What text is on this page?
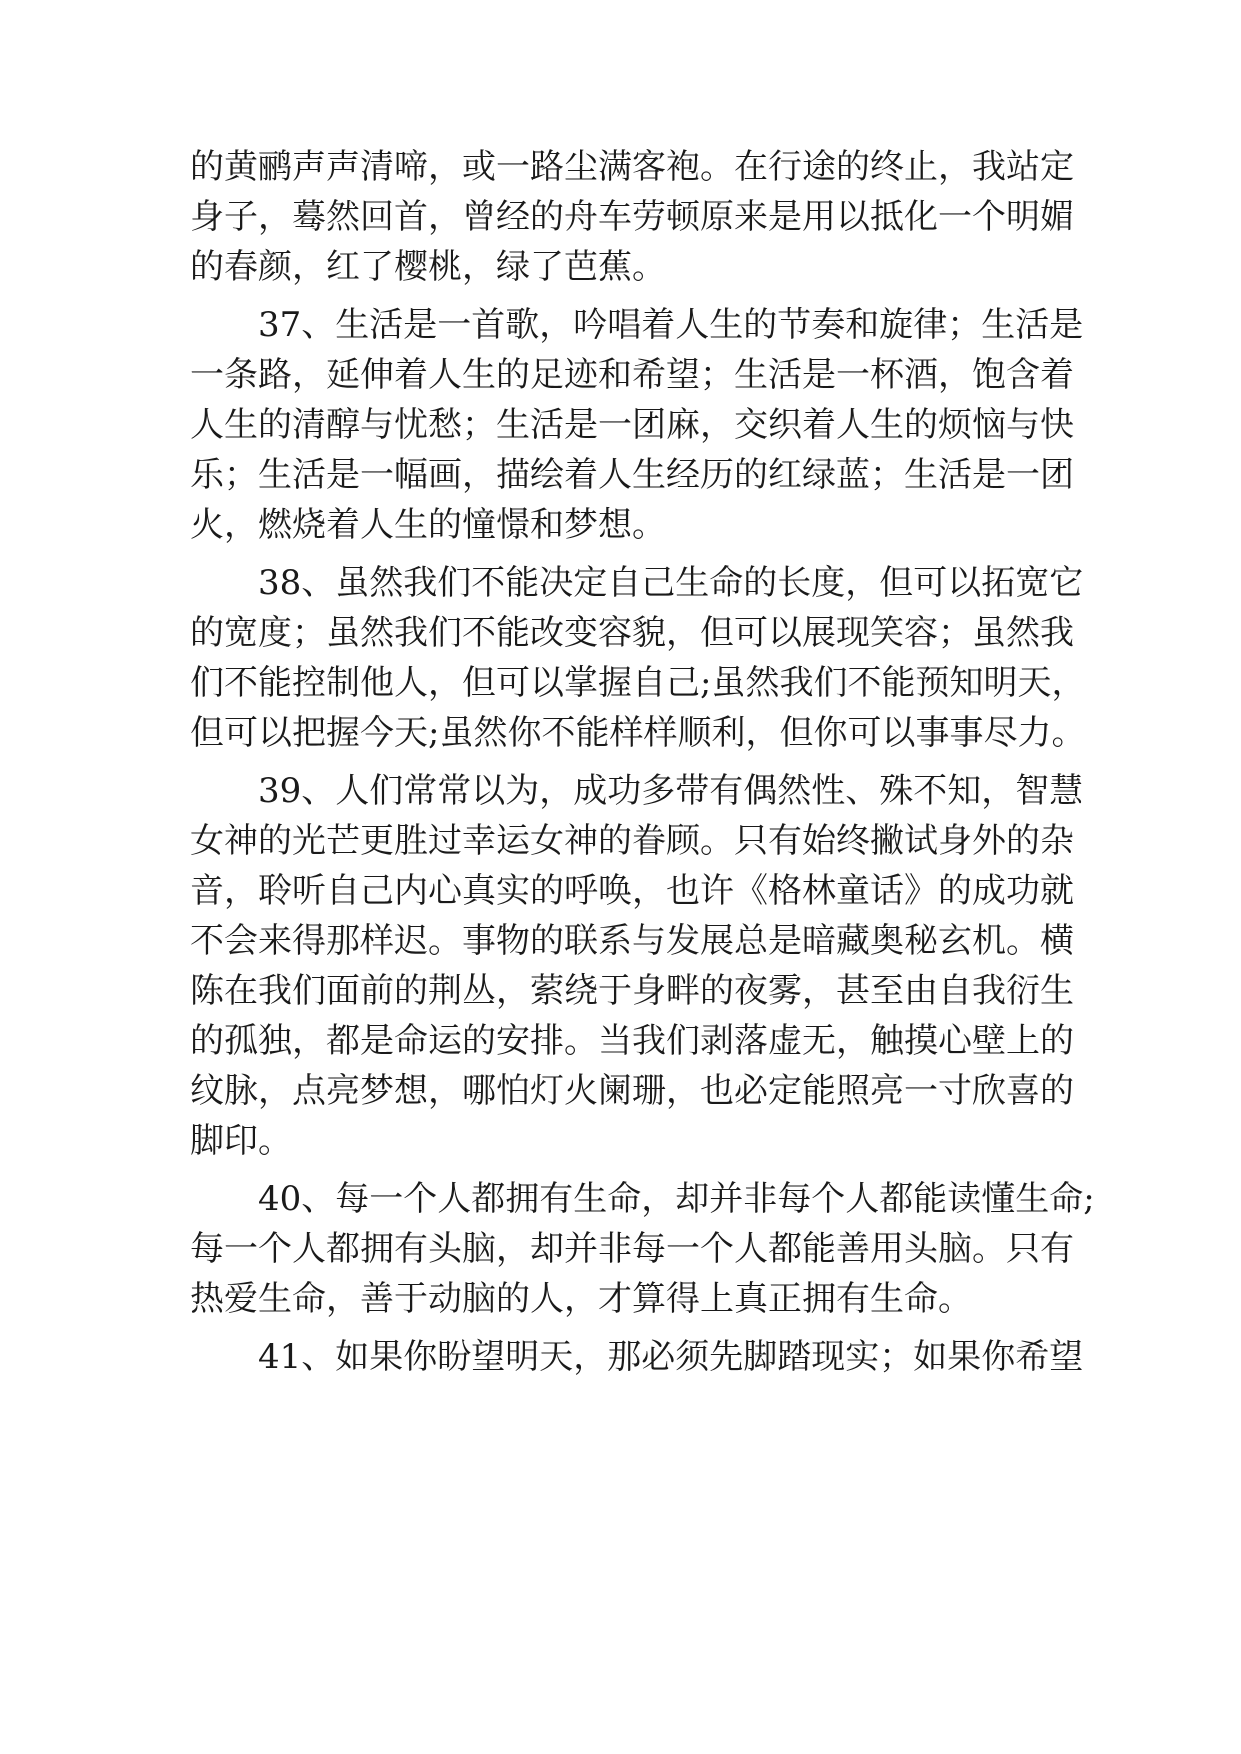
的黄鹂声声清啼，或一路尘满客袍。在行途的终止，我站定

身子，蓦然回首，曾经的舟车劳顿原来是用以抵化一个明媚

的春颜，红了樱桃，绿了芭蕉。

37、生活是一首歌，吟唱着人生的节奏和旋律；生活是

一条路，延伸着人生的足迹和希望；生活是一杯酒，饱含着

人生的清醇与忧愁；生活是一团麻，交织着人生的烦恼与快

乐；生活是一幅画，描绘着人生经历的红绿蓝；生活是一团

火，燃烧着人生的憧憬和梦想。

38、虽然我们不能决定自己生命的长度，但可以拓宽它

的宽度；虽然我们不能改变容貌，但可以展现笑容；虽然我

们不能控制他人，但可以掌握自己;虽然我们不能预知明天，

但可以把握今天;虽然你不能样样顺利，但你可以事事尽力。

39、人们常常以为，成功多带有偶然性、殊不知，智慧

女神的光芒更胜过幸运女神的眷顾。只有始终撇试身外的杂

音，聆听自己内心真实的呼唤，也许《格林童话》的成功就

不会来得那样迟。事物的联系与发展总是暗藏奥秘玄机。横

陈在我们面前的荆丛，萦绕于身畔的夜雾，甚至由自我衍生

的孤独，都是命运的安排。当我们剥落虚无，触摸心壁上的

纹脉，点亮梦想，哪怕灯火阑珊，也必定能照亮一寸欣喜的

脚印。

40、每一个人都拥有生命，却并非每个人都能读懂生命;

每一个人都拥有头脑，却并非每一个人都能善用头脑。只有

热爱生命，善于动脑的人，才算得上真正拥有生命。

41、如果你盼望明天，那必须先脚踏现实；如果你希望
